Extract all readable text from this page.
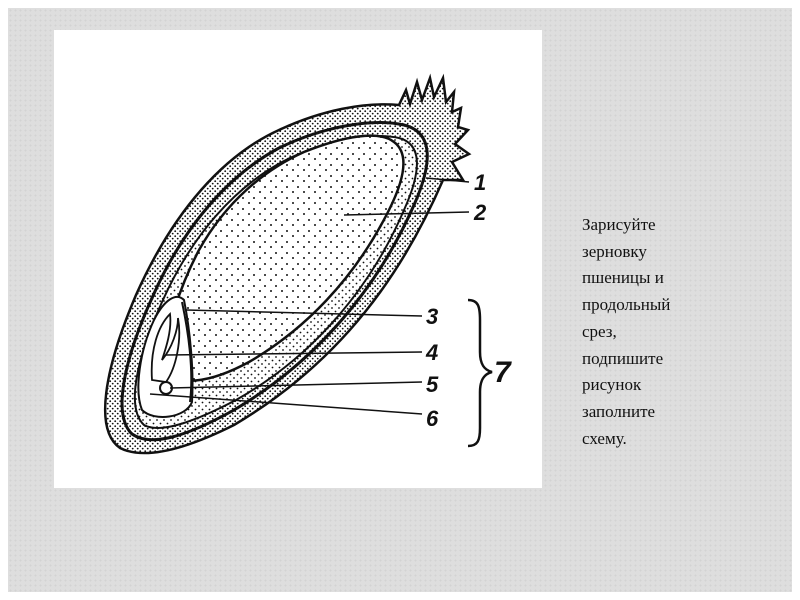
1
2
3
4
5
6
7
Зарисуйте
зерновку
пшеницы и
продольный
срез,
подпишите
рисунок
заполните
схему.
